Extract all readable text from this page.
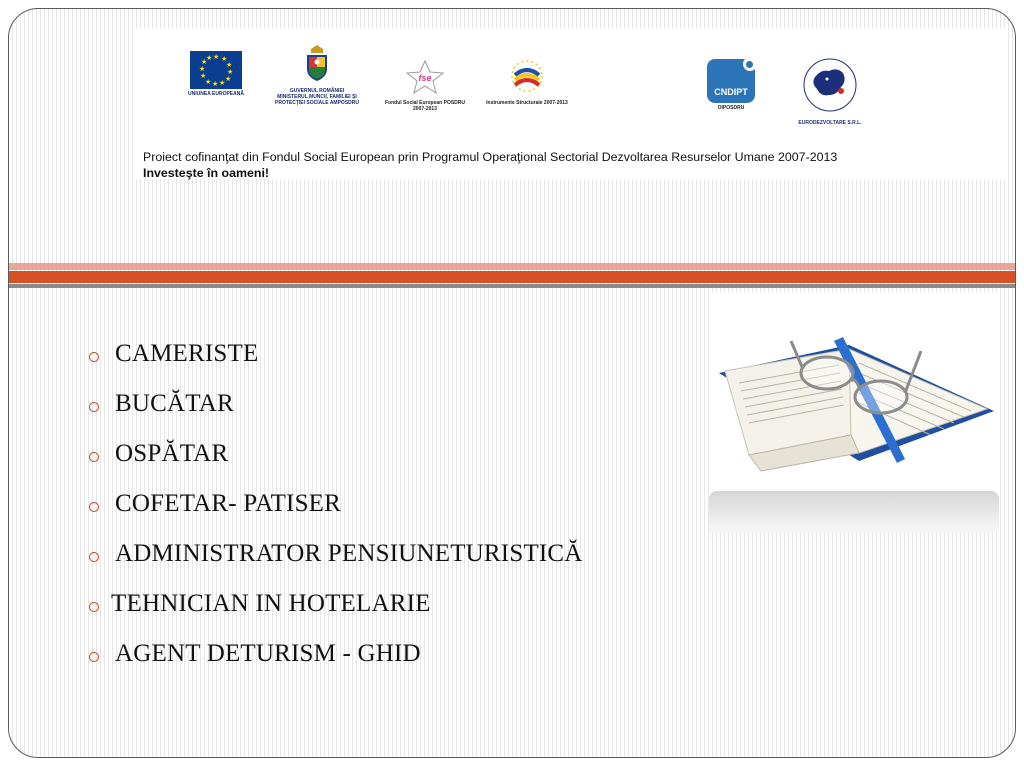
★ ★
★
★
★
★
★
★
★
★
★
★
UNIUNEA EUROPEANĂ	GUVERNUL ROMÂNIEI MINISTERUL MUNCII, FAMILIEI ŞI PROTECŢIEI SOCIALE AMPOSDRU
fse
Fondul Social European POSDRU 2007-2013
Instrumente Structurale 2007-2013
CNDIPT
OIPOSDRU
EURODEZVOLTARE S.R.L.
Proiect cofinanţat din Fondul Social European prin Programul Operaţional Sectorial Dezvoltarea Resurselor Umane 2007-2013
Investeşte în oameni!
CAMERISTE
BUCĂTAR
OSPĂTAR
COFETAR- PATISER
ADMINISTRATOR PENSIUNETURISTICĂ
TEHNICIAN IN HOTELARIE
AGENT DETURISM - GHID
